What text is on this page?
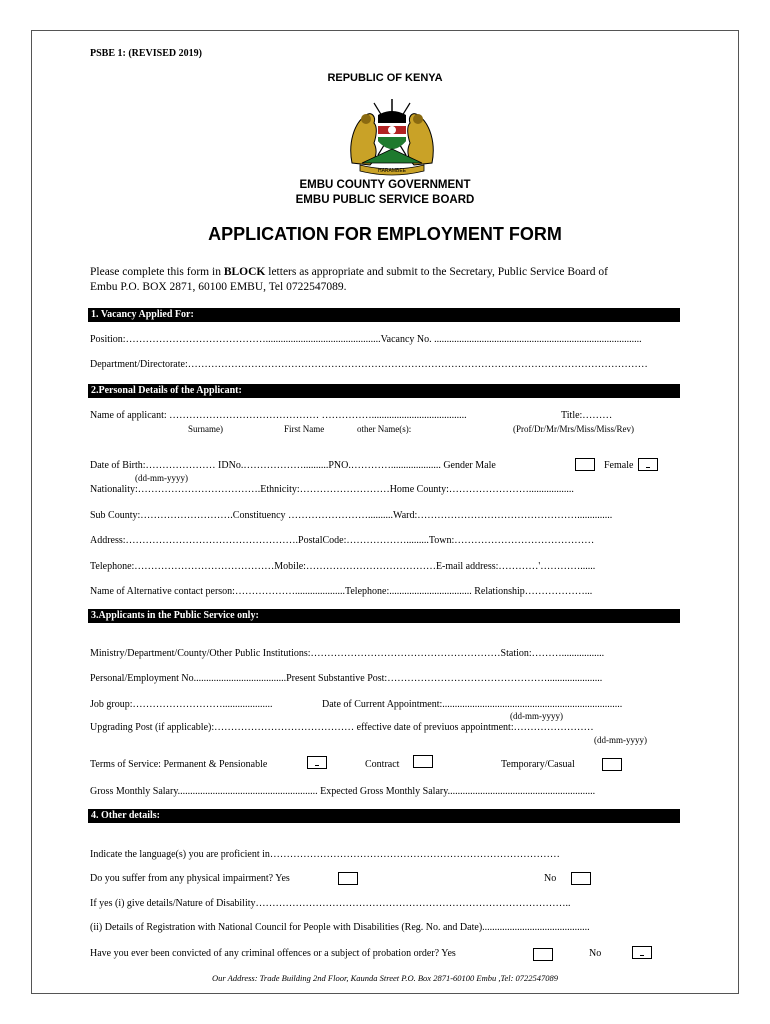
PSBE 1: (REVISED 2019)
REPUBLIC OF KENYA
HARAMBEE
EMBU COUNTY GOVERNMENT
EMBU PUBLIC SERVICE BOARD
APPLICATION FOR EMPLOYMENT FORM
Please complete this form in BLOCK letters as appropriate and submit to the Secretary, Public Service Board of
Embu P.O. BOX 2871, 60100 EMBU, Tel 0722547089.
1. Vacancy Applied For:
Position:……………………………………..............................................Vacancy No. ...................................................................................
Department/Directorate:…………………………………………………………………………………………………………………………
2.Personal Details of the Applicant:
Name of applicant: ……………………………………… ……………......................................	Title:………
Surname)	First Name	other Name(s):	(Prof/Dr/Mr/Mrs/Miss/Miss/Rev)
Date of Birth:………………… IDNo.………………..........PNO.………….................... Gender Male	Female
(dd-mm-yyyy)
Nationality:……………………………….Ethnicity:………………………Home County:……………………..................
Sub County:……………………….Constituency ……………………..........Ward:…………………………………………..............
Address:…………………………………………….PostalCode:……………….........Town:……………………………………
Telephone:……………………………………Mobile:…………………………………E-mail address:…………'…………......
Name of Alternative contact person:………………....................Telephone:................................. Relationship………………...
3.Applicants in the Public Service only:
Ministry/Department/County/Other Public Institutions:…………………………………………………Station:……….................
Personal/Employment No.....................................Present Substantive Post:…………………………………………......................
Job group:………………………....................	Date of Current Appointment:........................................................................
(dd-mm-yyyy)
Upgrading Post (if applicable):…………………………………… effective date of previuos appointment:……………………
(dd-mm-yyyy)
Terms of Service: Permanent & Pensionable	Contract	Temporary/Casual
Gross Monthly Salary........................................................ Expected Gross Monthly Salary...........................................................
4. Other details:
Indicate the language(s) you are proficient in……………………………………………………………………………
Do you suffer from any physical impairment? Yes	No
If yes (i) give details/Nature of Disability…………………………………………………………………………………..
(ii) Details of Registration with National Council for People with Disabilities (Reg. No. and Date)...........................................
Have you ever been convicted of any criminal offences or a subject of probation order? Yes	No
Our Address: Trade Building 2nd Floor, Kaunda Street P.O. Box 2871-60100 Embu ,Tel: 0722547089
